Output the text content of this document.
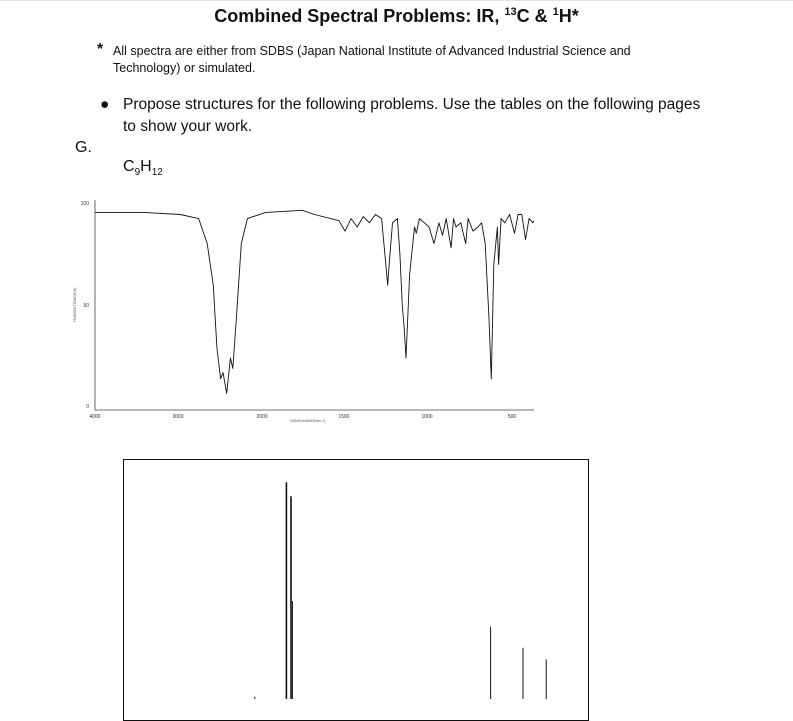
Combined Spectral Problems: IR, $^{13}$C & $^1$H*
* All spectra are either from SDBS (Japan National Institute of Advanced Industrial Science and Technology) or simulated.
● Propose structures for the following problems. Use the tables on the following pages to show your work.
G.
$C_9H_{12}$
100
50
0
TRANSMITTANCE(%)
4000	3000	2000	1500	1000	500
WAVENUMBER(cm-1)
